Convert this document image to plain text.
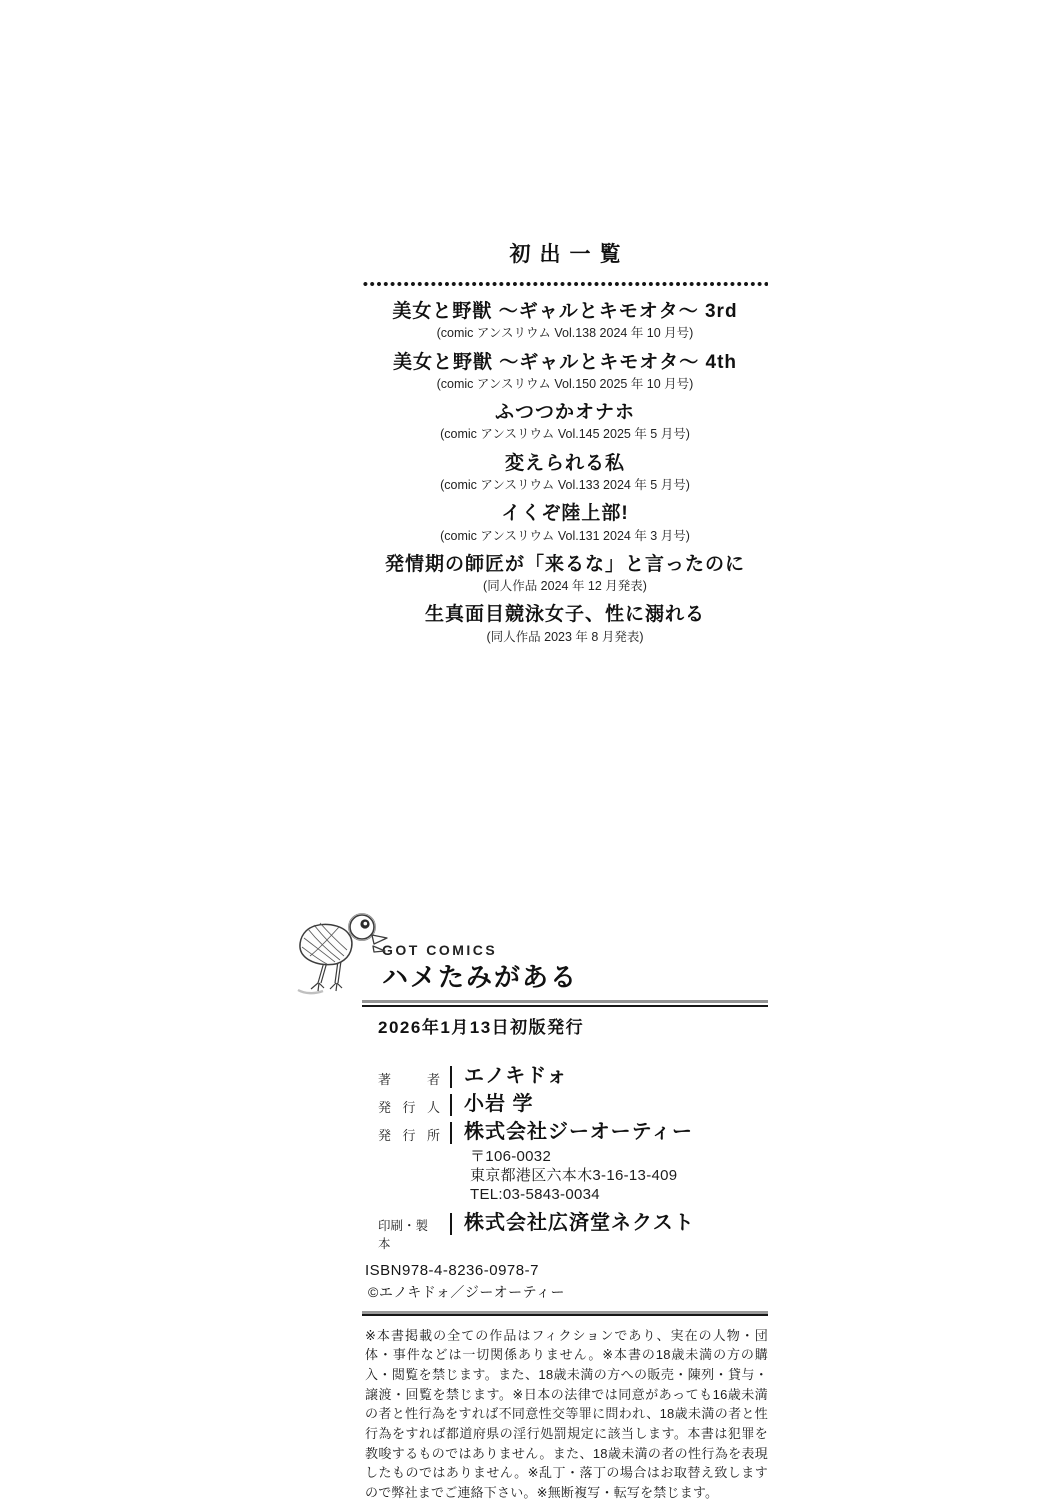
初出一覧
美女と野獣 ～ギャルとキモオタ～ 3rd
(comic アンスリウム Vol.138 2024 年 10 月号)
美女と野獣 ～ギャルとキモオタ～ 4th
(comic アンスリウム Vol.150 2025 年 10 月号)
ふつつかオナホ
(comic アンスリウム Vol.145 2025 年 5 月号)
変えられる私
(comic アンスリウム Vol.133 2024 年 5 月号)
イくぞ陸上部!
(comic アンスリウム Vol.131 2024 年 3 月号)
発情期の師匠が「来るな」と言ったのに
(同人作品 2024 年 12 月発表)
生真面目競泳女子、性に溺れる
(同人作品 2023 年 8 月発表)
GOT COMICS
ハメたみがある
2026年1月13日初版発行
著	者 エノキドォ
発 行 人 小岩 学
発 行 所 株式会社ジーオーティー
〒106-0032
東京都港区六本木3-16-13-409
TEL:03-5843-0034
印刷・製本
株式会社広済堂ネクスト
ISBN978-4-8236-0978-7
©エノキドォ／ジーオーティー
※本書掲載の全ての作品はフィクションであり、実在の人物・団体・事件などは一切関係ありません。※本書の18歳未満の方の購入・閲覧を禁じます。また、18歳未満の方への販売・陳列・貸与・譲渡・回覧を禁じます。※日本の法律では同意があっても16歳未満の者と性行為をすれば不同意性交等罪に問われ、18歳未満の者と性行為をすれば都道府県の淫行処罰規定に該当します。本書は犯罪を教唆するものではありません。また、18歳未満の者の性行為を表現したものではありません。※乱丁・落丁の場合はお取替え致しますので弊社までご連絡下さい。※無断複写・転写を禁じます。
